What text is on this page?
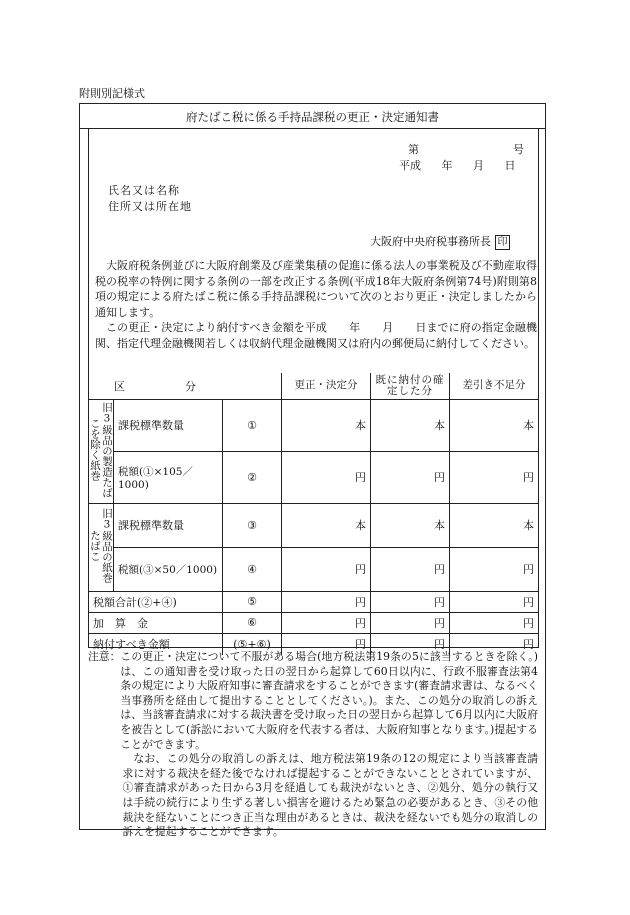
附則別記様式
府たばこ税に係る手持品課税の更正・決定通知書
第	号
平成 年 月 日
氏名又は名称
住所又は所在地
大阪府中央府税事務所長 印

大阪府税条例並びに大阪府創業及び産業集積の促進に係る法人の事業税及び不動産取得税の税率の特例に関する条例の一部を改正する条例(平成18年大阪府条例第74号)附則第8項の規定による府たばこ税に係る手持品課税について次のとおり更正・決定しましたから通知します。

この更正・決定により納付すべき金額を平成　　年　　月　　日までに府の指定金融機関、指定代理金融機関若しくは収納代理金融機関又は府内の郵便局に納付してください。

区分			更正・決定分	既に納付の確定した分	差引き不足分
旧3級品の製造たばこを除く紙巻	課税標準数量	①	本	本	本
	税額(①×105／1000)	②	円	円	円
旧3級品の紙巻たばこ	課税標準数量	③	本	本	本
	税額(③×50／1000)	④	円	円	円
税額合計(②+④)		⑤	円	円	円
加　算　金		⑥	円	円	円
納付すべき金額		(⑤+⑥)	円	円	円
注意： この更正・決定について不服がある場合(地方税法第19条の5に該当するときを除く。)は、この通知書を受け取った日の翌日から起算して60日以内に、行政不服審査法第4条の規定により大阪府知事に審査請求をすることができます(審査請求書は、なるべく当事務所を経由して提出することとしてください。)。また、この処分の取消しの訴えは、当該審査請求に対する裁決書を受け取った日の翌日から起算して6月以内に大阪府を被告として(訴訟において大阪府を代表する者は、大阪府知事となります。)提起することができます。

なお、この処分の取消しの訴えは、地方税法第19条の12の規定により当該審査請求に対する裁決を経た後でなければ提起することができないこととされていますが、①審査請求があった日から3月を経過しても裁決がないとき、②処分、処分の執行又は手続の続行により生ずる著しい損害を避けるため緊急の必要があるとき、③その他裁決を経ないことにつき正当な理由があるときは、裁決を経ないでも処分の取消しの訴えを提起することができます。
